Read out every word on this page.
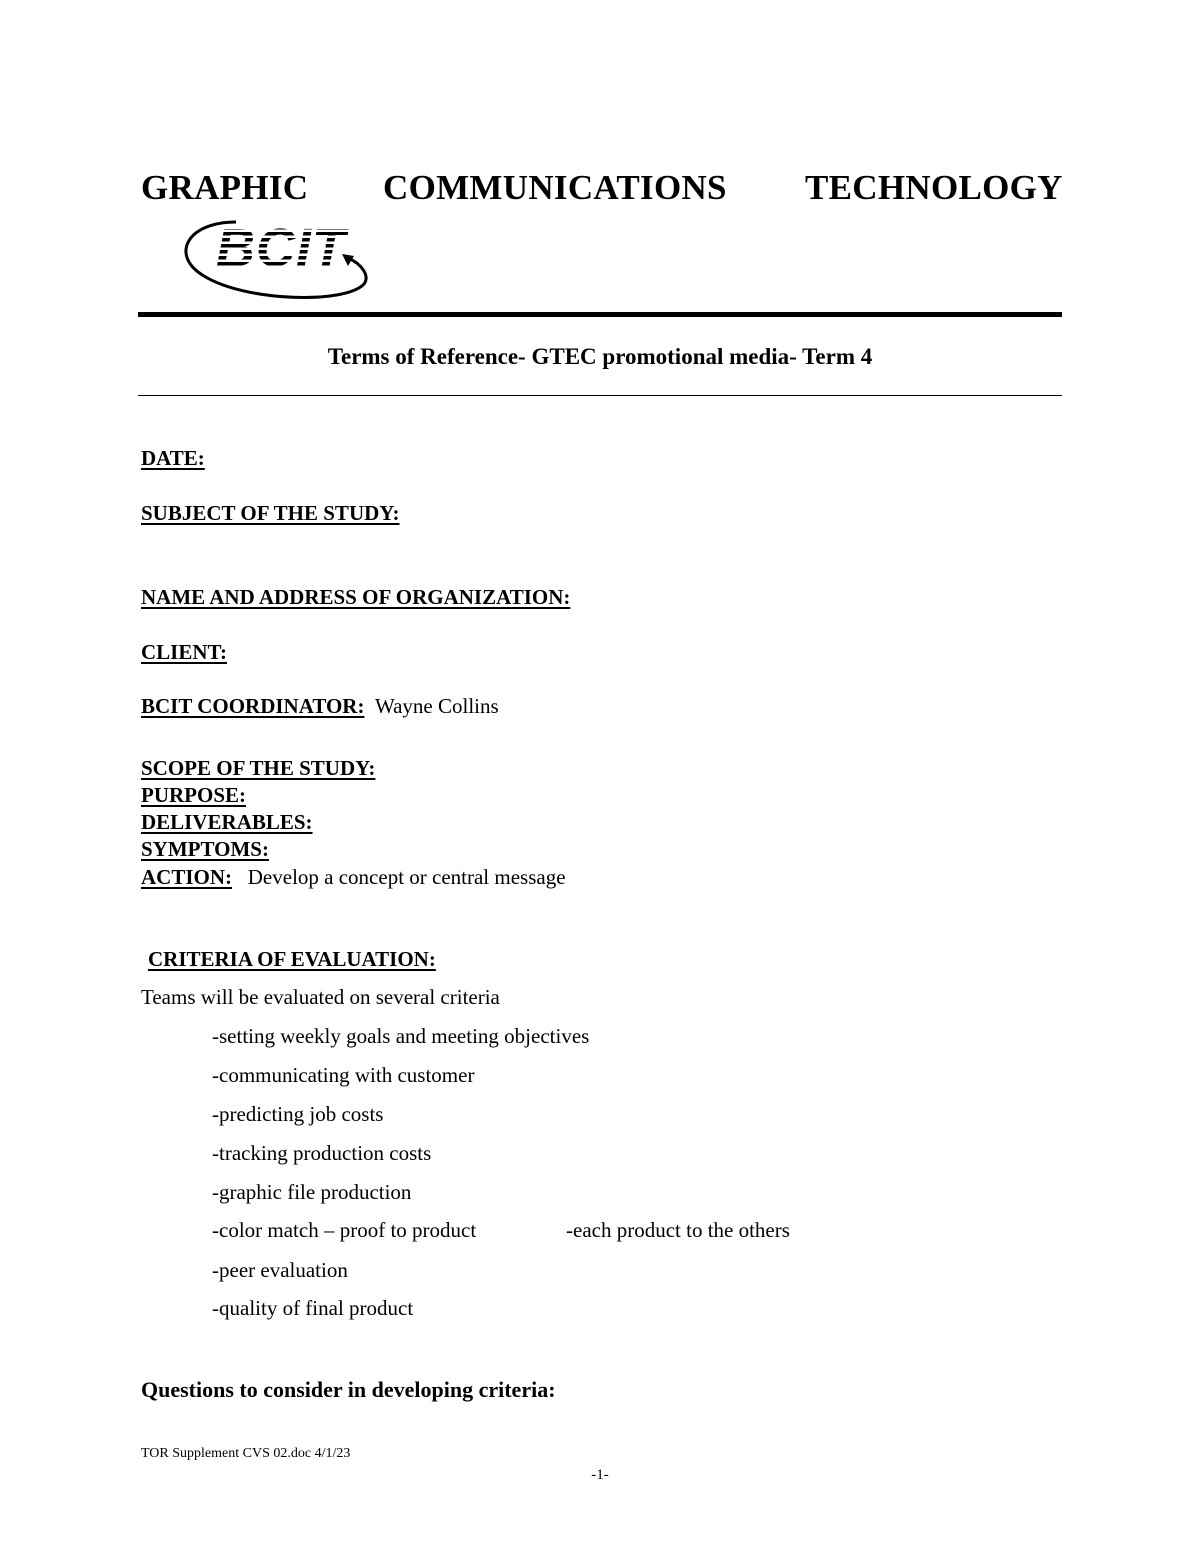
GRAPHIC COMMUNICATIONS TECHNOLOGY
BCIT
Terms of Reference- GTEC promotional media- Term 4
DATE:
SUBJECT OF THE STUDY:
NAME AND ADDRESS OF ORGANIZATION:
CLIENT:
BCIT COORDINATOR: Wayne Collins
SCOPE OF THE STUDY:
PURPOSE:
DELIVERABLES:
SYMPTOMS:
ACTION: Develop a concept or central message
CRITERIA OF EVALUATION:
Teams will be evaluated on several criteria
-setting weekly goals and meeting objectives
-communicating with customer
-predicting job costs
-tracking production costs
-graphic file production
-color match – proof to product	-each product to the others
-peer evaluation
-quality of final product
Questions to consider in developing criteria:
TOR Supplement CVS 02.doc 4/1/23
-1-
